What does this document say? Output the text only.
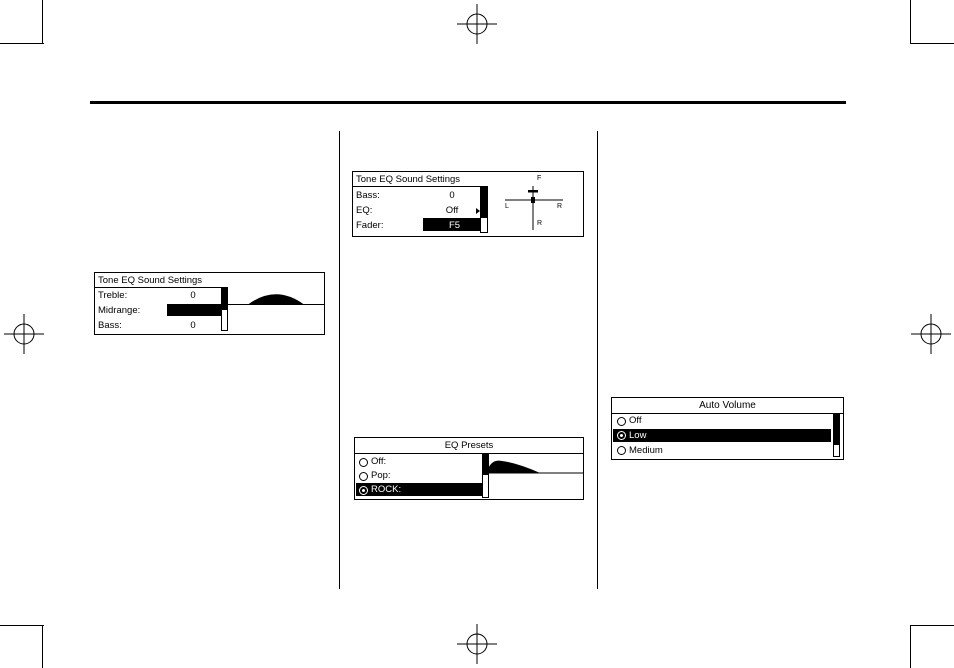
Tone EQ Sound Settings
Treble:	0
Midrange:
Bass:	0
Tone EQ Sound Settings
Bass:	0
EQ:	Off
Fader:	F5
F
L	R
R
EQ Presets
Off:
Pop:
ROCK:
Auto Volume
Off
Low
Medium
